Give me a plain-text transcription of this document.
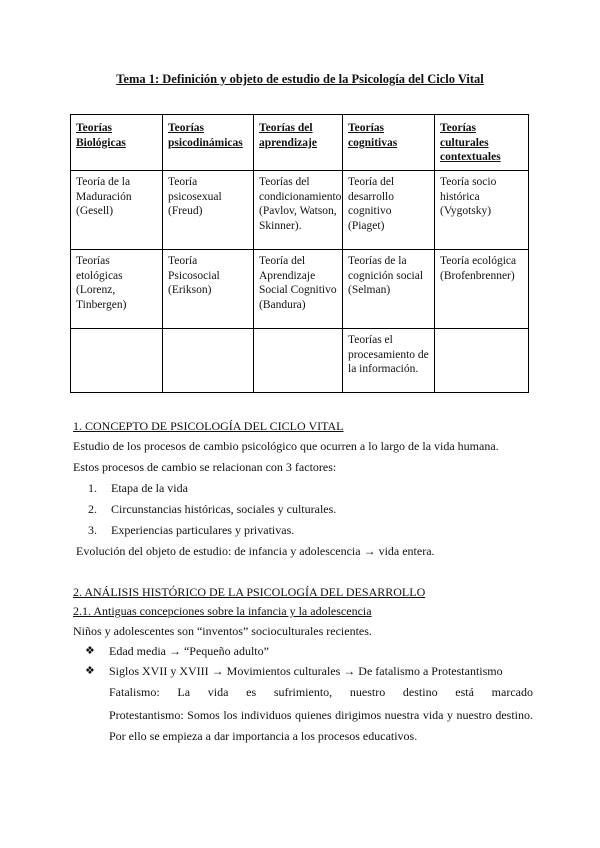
Tema 1: Definición y objeto de estudio de la Psicología del Ciclo Vital
Teorías Biológicas	Teorías psicodinámicas	Teorías del aprendizaje	Teorías cognitivas	Teorías culturales contextuales
Teoría de la Maduración (Gesell)	Teoría psicosexual (Freud)	Teorías del condicionamiento (Pavlov, Watson, Skinner).	Teoría del desarrollo cognitivo (Piaget)	Teoría socio histórica (Vygotsky)
Teorías etológicas (Lorenz, Tinbergen)	Teoría Psicosocial (Erikson)	Teoría del Aprendizaje Social Cognitivo (Bandura)	Teorías de la cognición social (Selman)	Teoría ecológica (Brofenbrenner)
			Teorías el procesamiento de la información.	
1. CONCEPTO DE PSICOLOGÍA DEL CICLO VITAL
Estudio de los procesos de cambio psicológico que ocurren a lo largo de la vida humana.
Estos procesos de cambio se relacionan con 3 factores:
1. Etapa de la vida
2. Circunstancias históricas, sociales y culturales.
3. Experiencias particulares y privativas.
Evolución del objeto de estudio: de infancia y adolescencia → vida entera.
2. ANÁLISIS HISTÓRICO DE LA PSICOLOGÍA DEL DESARROLLO
2.1. Antiguas concepciones sobre la infancia y la adolescencia
Niños y adolescentes son “inventos” socioculturales recientes.
❖ Edad media → “Pequeño adulto”
❖ Siglos XVII y XVIII → Movimientos culturales → De fatalismo a Protestantismo
Fatalismo: La vida es sufrimiento, nuestro destino está marcado
Protestantismo: Somos los individuos quienes dirigimos nuestra vida y nuestro destino. Por ello se empieza a dar importancia a los procesos educativos.
